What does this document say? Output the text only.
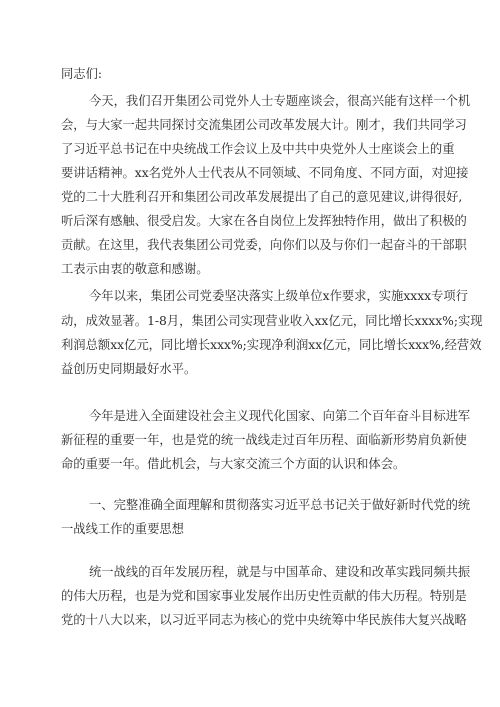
同志们:
今天，我们召开集团公司党外人士专题座谈会，很高兴能有这样一个机
会，与大家一起共同探讨交流集团公司改革发展大计。刚才，我们共同学习
了习近平总书记在中央统战工作会议上及中共中央党外人士座谈会上的重
要讲话精神。xx名党外人士代表从不同领域、不同角度、不同方面，对迎接
党的二十大胜利召开和集团公司改革发展提出了自己的意见建议,讲得很好,
听后深有感触、很受启发。大家在各自岗位上发挥独特作用，做出了积极的
贡献。在这里，我代表集团公司党委，向你们以及与你们一起奋斗的干部职
工表示由衷的敬意和感谢。
今年以来，集团公司党委坚决落实上级单位x作要求，实施xxxx专项行
动，成效显著。1-8月，集团公司实现营业收入xx亿元，同比增长xxxx%;实现
利润总额xx亿元，同比增长xxx%;实现净利润xx亿元，同比增长xxx%,经营效
益创历史同期最好水平。
今年是进入全面建设社会主义现代化国家、向第二个百年奋斗目标进军
新征程的重要一年，也是党的统一战线走过百年历程、面临新形势肩负新使
命的重要一年。借此机会，与大家交流三个方面的认识和体会。
一、完整准确全面理解和贯彻落实习近平总书记关于做好新时代党的统
一战线工作的重要思想
统一战线的百年发展历程，就是与中国革命、建设和改革实践同频共振
的伟大历程，也是为党和国家事业发展作出历史性贡献的伟大历程。特别是
党的十八大以来，以习近平同志为核心的党中央统筹中华民族伟大复兴战略
